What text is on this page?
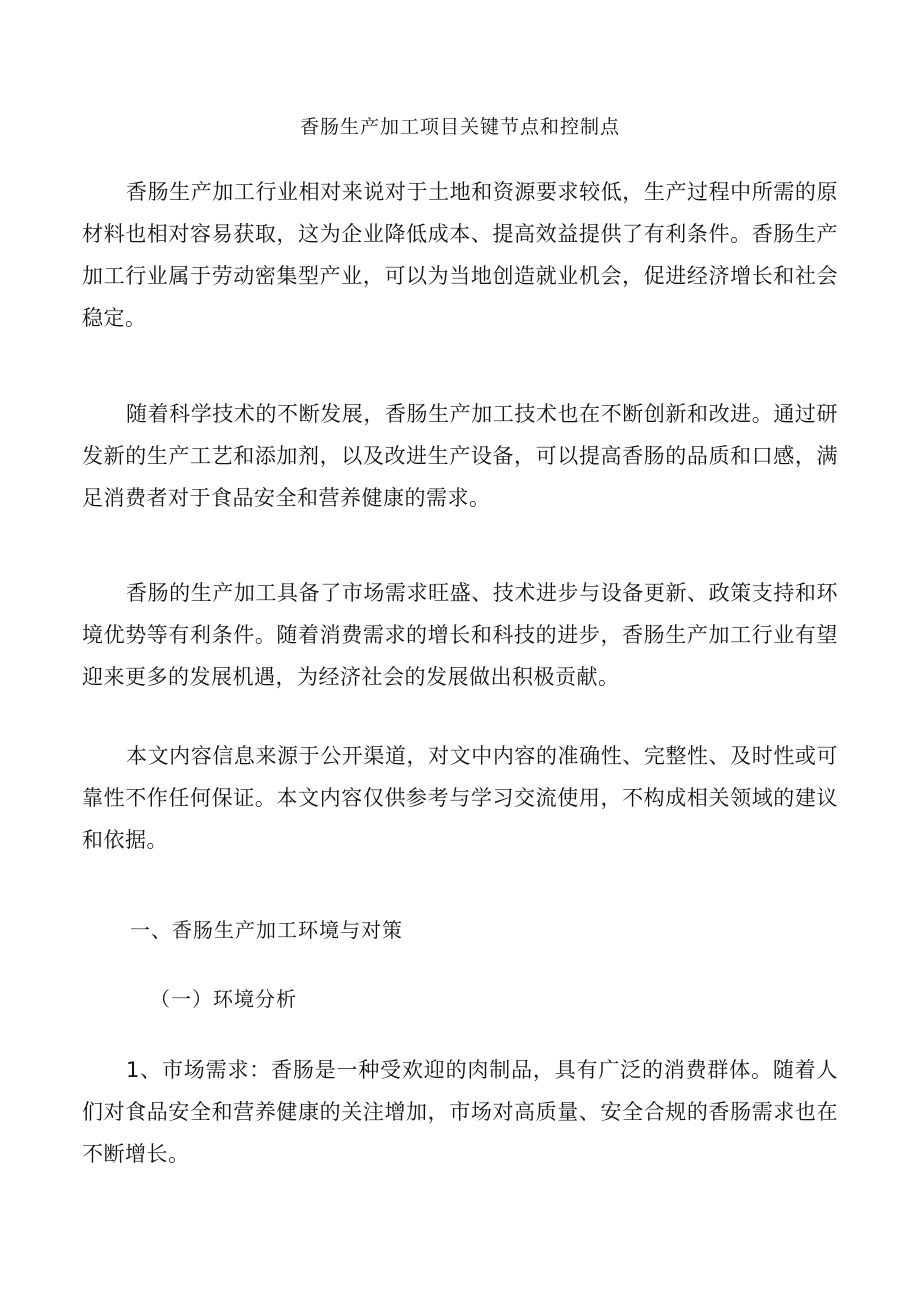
香肠生产加工项目关键节点和控制点

香肠生产加工行业相对来说对于土地和资源要求较低，生产过程中所需的原材料也相对容易获取，这为企业降低成本、提高效益提供了有利条件。香肠生产加工行业属于劳动密集型产业，可以为当地创造就业机会，促进经济增长和社会稳定。

随着科学技术的不断发展，香肠生产加工技术也在不断创新和改进。通过研发新的生产工艺和添加剂，以及改进生产设备，可以提高香肠的品质和口感，满足消费者对于食品安全和营养健康的需求。

香肠的生产加工具备了市场需求旺盛、技术进步与设备更新、政策支持和环境优势等有利条件。随着消费需求的增长和科技的进步，香肠生产加工行业有望迎来更多的发展机遇，为经济社会的发展做出积极贡献。

本文内容信息来源于公开渠道，对文中内容的准确性、完整性、及时性或可靠性不作任何保证。本文内容仅供参考与学习交流使用，不构成相关领域的建议和依据。

一、香肠生产加工环境与对策
（一）环境分析

1、市场需求：香肠是一种受欢迎的肉制品，具有广泛的消费群体。随着人们对食品安全和营养健康的关注增加，市场对高质量、安全合规的香肠需求也在不断增长。
